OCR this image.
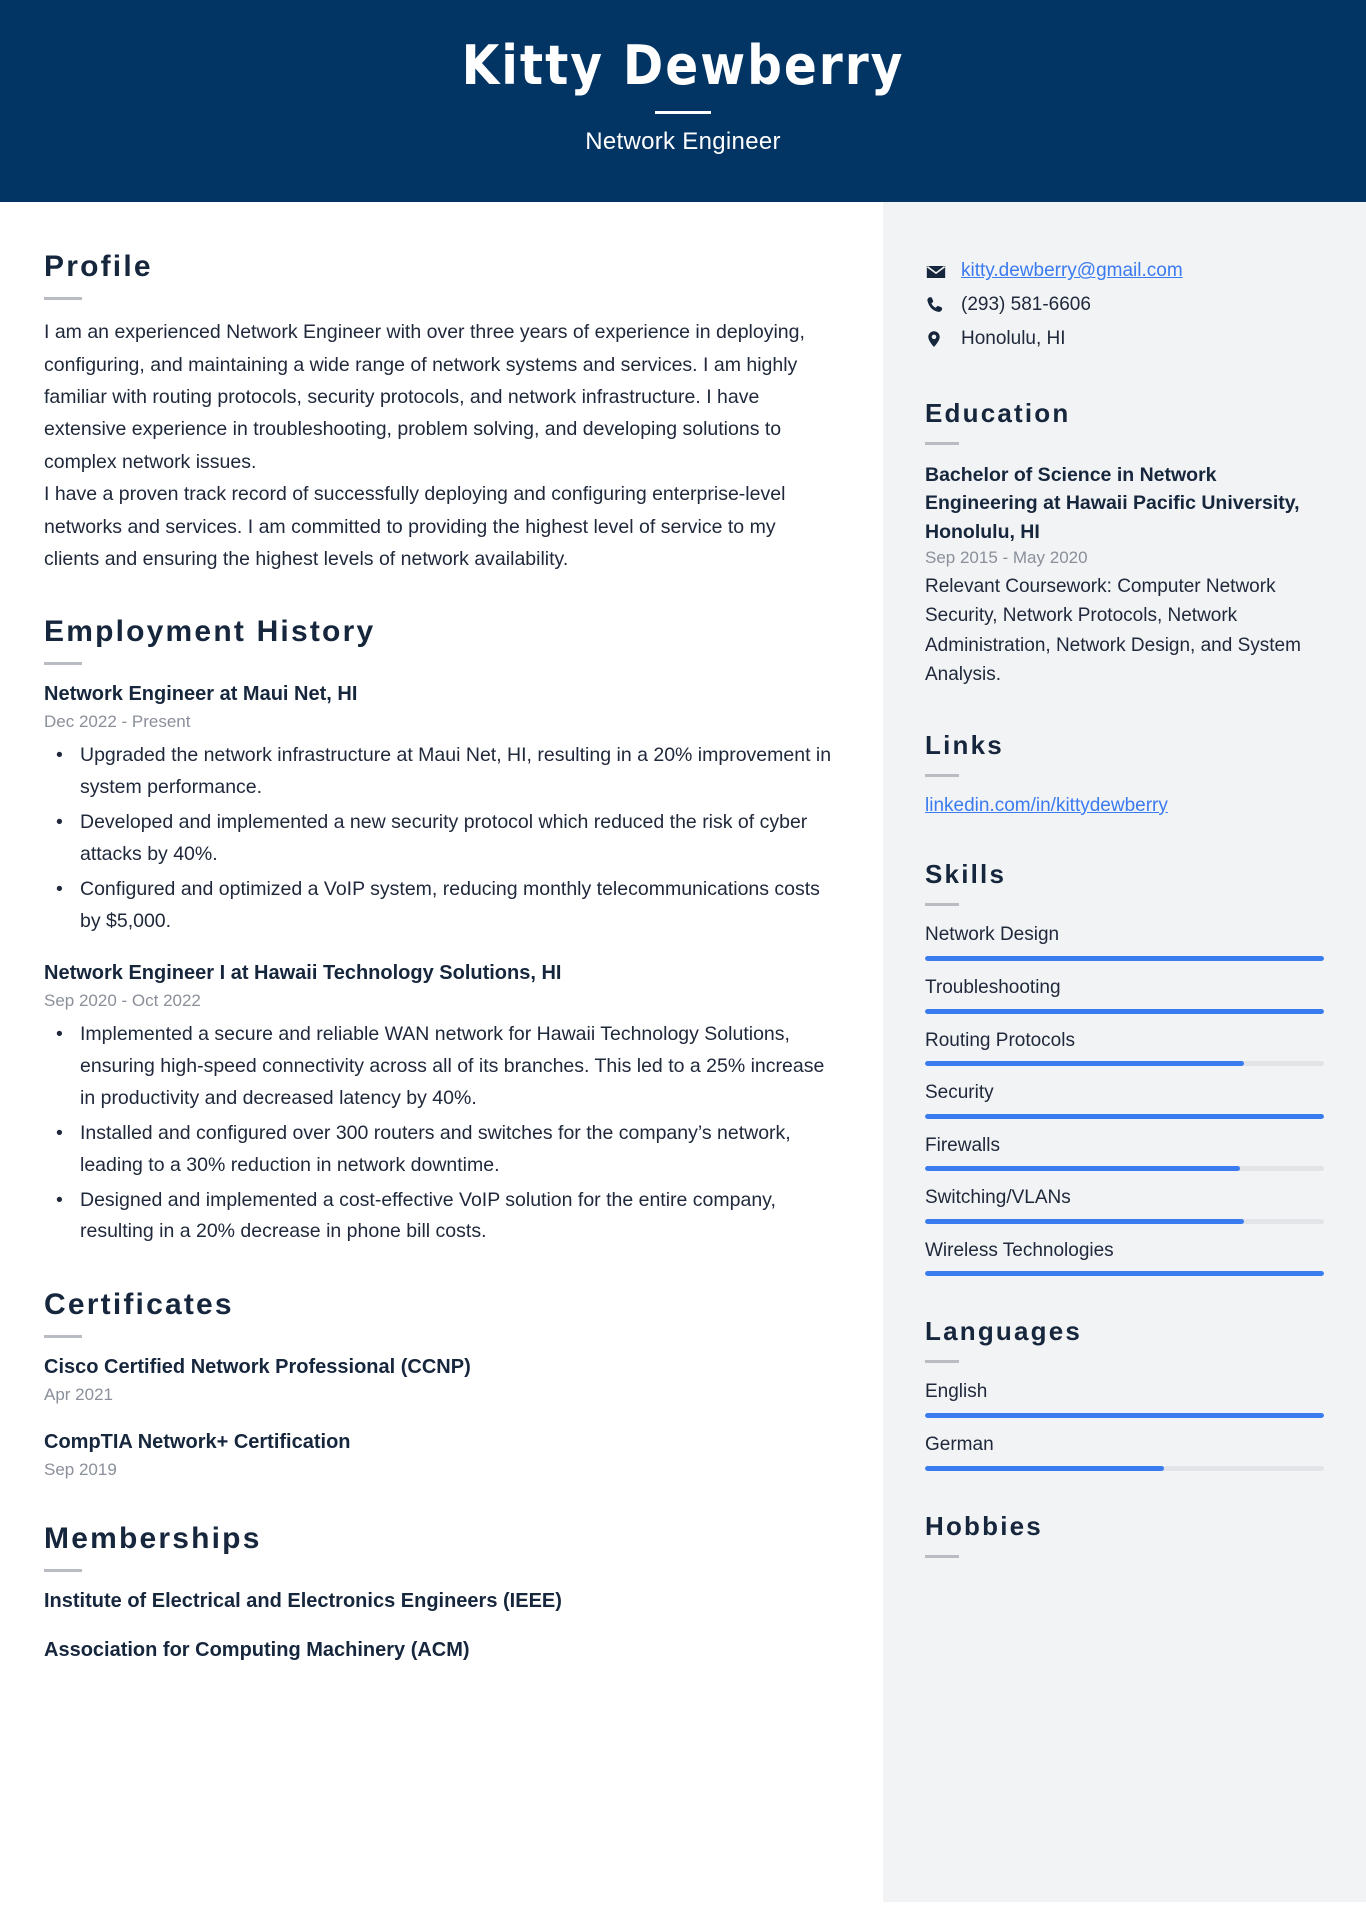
Kitty Dewberry
Network Engineer
Profile

I am an experienced Network Engineer with over three years of experience in deploying, configuring, and maintaining a wide range of network systems and services. I am highly familiar with routing protocols, security protocols, and network infrastructure. I have extensive experience in troubleshooting, problem solving, and developing solutions to complex network issues.
I have a proven track record of successfully deploying and configuring enterprise-level networks and services. I am committed to providing the highest level of service to my clients and ensuring the highest levels of network availability.

Employment History
Network Engineer at Maui Net, HI
Dec 2022 - Present
• Upgraded the network infrastructure at Maui Net, HI, resulting in a 20% improvement in system performance.
• Developed and implemented a new security protocol which reduced the risk of cyber attacks by 40%.
• Configured and optimized a VoIP system, reducing monthly telecommunications costs by $5,000.
Network Engineer I at Hawaii Technology Solutions, HI
Sep 2020 - Oct 2022
• Implemented a secure and reliable WAN network for Hawaii Technology Solutions, ensuring high-speed connectivity across all of its branches. This led to a 25% increase in productivity and decreased latency by 40%.
• Installed and configured over 300 routers and switches for the company’s network, leading to a 30% reduction in network downtime.
• Designed and implemented a cost-effective VoIP solution for the entire company, resulting in a 20% decrease in phone bill costs.
Certificates
Cisco Certified Network Professional (CCNP)
Apr 2021
CompTIA Network+ Certification
Sep 2019
Memberships
Institute of Electrical and Electronics Engineers (IEEE)
Association for Computing Machinery (ACM)
kitty.dewberry@gmail.com
(293) 581-6606
Honolulu, HI
Education
Bachelor of Science in Network Engineering at Hawaii Pacific University, Honolulu, HI
Sep 2015 - May 2020
Relevant Coursework: Computer Network Security, Network Protocols, Network Administration, Network Design, and System Analysis.
Links
linkedin.com/in/kittydewberry
Skills
Network Design
Troubleshooting
Routing Protocols
Security
Firewalls
Switching/VLANs
Wireless Technologies
Languages
English
German
Hobbies
